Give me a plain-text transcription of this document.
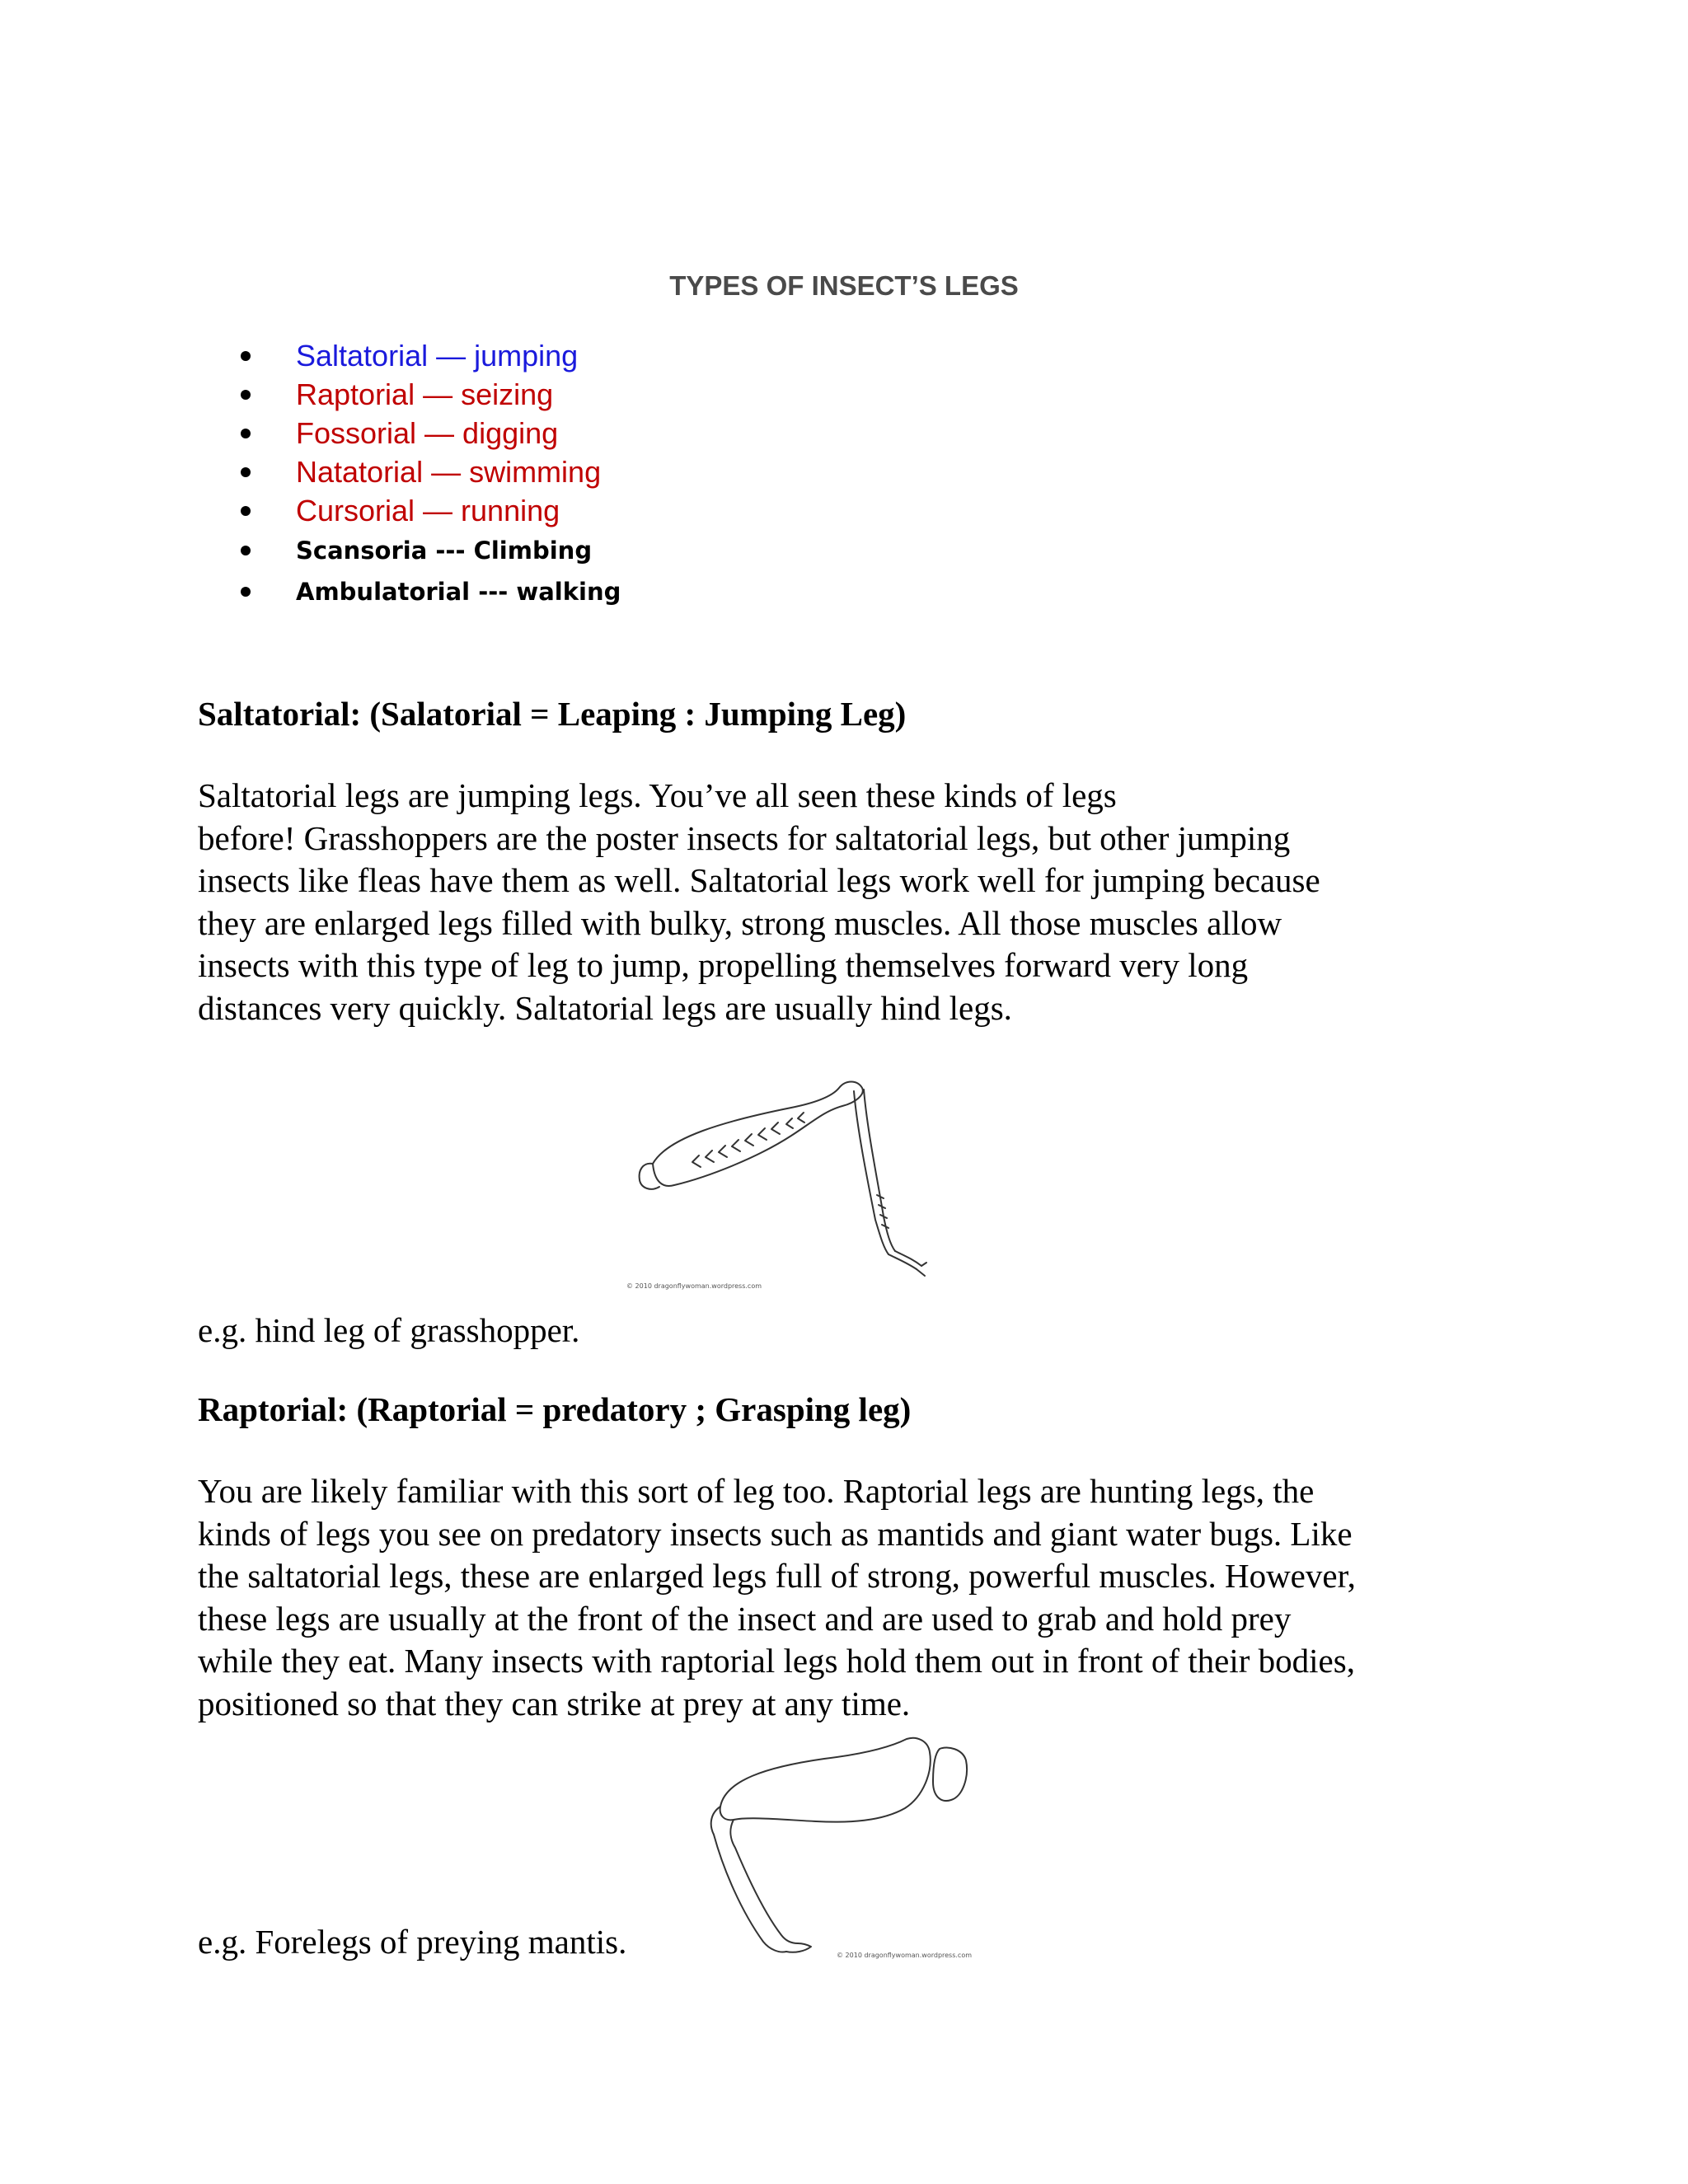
TYPES OF INSECT’S LEGS
Saltatorial — jumping
Raptorial — seizing
Fossorial — digging
Natatorial — swimming
Cursorial — running
Scansoria --- Climbing
Ambulatorial --- walking
Saltatorial: (Salatorial = Leaping : Jumping Leg)

Saltatorial legs are jumping legs. You’ve all seen these kinds of legs
before! Grasshoppers are the poster insects for saltatorial legs, but other jumping
insects like fleas have them as well. Saltatorial legs work well for jumping because
they are enlarged legs filled with bulky, strong muscles. All those muscles allow
insects with this type of leg to jump, propelling themselves forward very long
distances very quickly. Saltatorial legs are usually hind legs.

© 2010 dragonflywoman.wordpress.com

e.g. hind leg of grasshopper.

Raptorial: (Raptorial = predatory ; Grasping leg)

You are likely familiar with this sort of leg too. Raptorial legs are hunting legs, the
kinds of legs you see on predatory insects such as mantids and giant water bugs. Like
the saltatorial legs, these are enlarged legs full of strong, powerful muscles. However,
these legs are usually at the front of the insect and are used to grab and hold prey
while they eat. Many insects with raptorial legs hold them out in front of their bodies,
positioned so that they can strike at prey at any time.

© 2010 dragonflywoman.wordpress.com

e.g. Forelegs of preying mantis.
